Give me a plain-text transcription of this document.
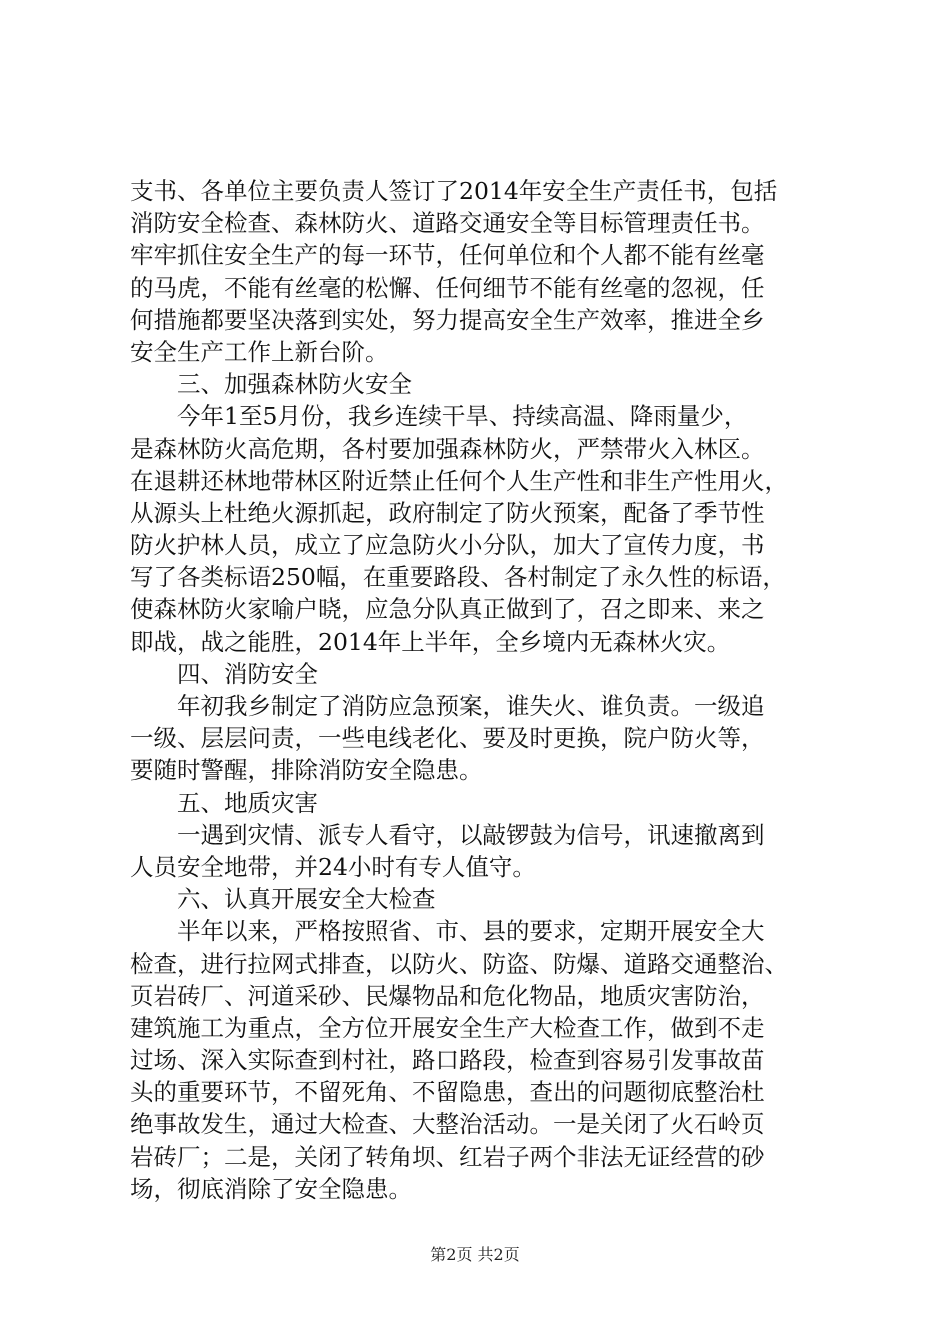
支书、各单位主要负责人签订了2014年安全生产责任书，包括
消防安全检查、森林防火、道路交通安全等目标管理责任书。
牢牢抓住安全生产的每一环节，任何单位和个人都不能有丝毫
的马虎，不能有丝毫的松懈、任何细节不能有丝毫的忽视，任
何措施都要坚决落到实处，努力提高安全生产效率，推进全乡
安全生产工作上新台阶。
三、加强森林防火安全
今年1至5月份，我乡连续干旱、持续高温、降雨量少，
是森林防火高危期，各村要加强森林防火，严禁带火入林区。
在退耕还林地带林区附近禁止任何个人生产性和非生产性用火，
从源头上杜绝火源抓起，政府制定了防火预案，配备了季节性
防火护林人员，成立了应急防火小分队，加大了宣传力度，书
写了各类标语250幅，在重要路段、各村制定了永久性的标语，
使森林防火家喻户晓，应急分队真正做到了，召之即来、来之
即战，战之能胜，2014年上半年，全乡境内无森林火灾。
四、消防安全
年初我乡制定了消防应急预案，谁失火、谁负责。一级追
一级、层层问责，一些电线老化、要及时更换，院户防火等，
要随时警醒，排除消防安全隐患。
五、地质灾害
一遇到灾情、派专人看守，以敲锣鼓为信号，讯速撤离到
人员安全地带，并24小时有专人值守。
六、认真开展安全大检查
半年以来，严格按照省、市、县的要求，定期开展安全大
检查，进行拉网式排查，以防火、防盗、防爆、道路交通整治、
页岩砖厂、河道采砂、民爆物品和危化物品，地质灾害防治，
建筑施工为重点，全方位开展安全生产大检查工作，做到不走
过场、深入实际查到村社，路口路段，检查到容易引发事故苗
头的重要环节，不留死角、不留隐患，查出的问题彻底整治杜
绝事故发生，通过大检查、大整治活动。一是关闭了火石岭页
岩砖厂；二是，关闭了转角坝、红岩子两个非法无证经营的砂
场，彻底消除了安全隐患。
第2页 共2页
